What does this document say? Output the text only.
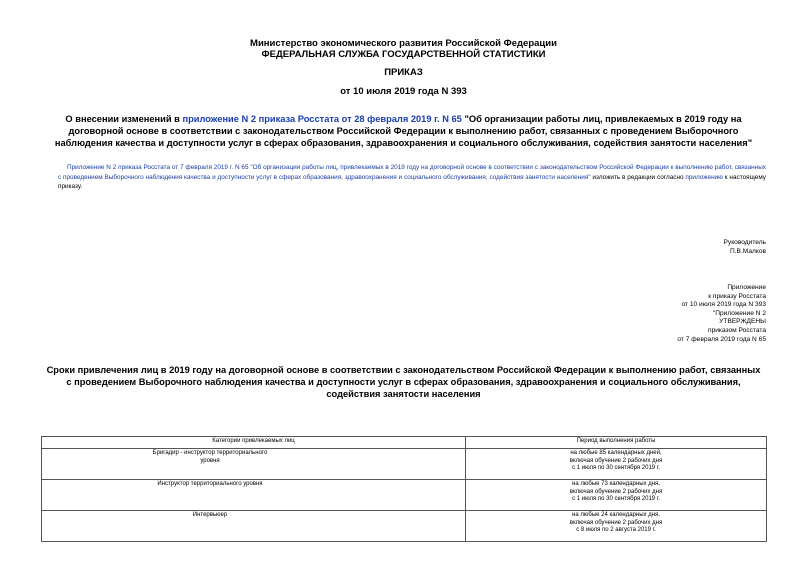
Министерство экономического развития Российской Федерации
ФЕДЕРАЛЬНАЯ СЛУЖБА ГОСУДАРСТВЕННОЙ СТАТИСТИКИ
ПРИКАЗ
от 10 июля 2019 года N 393
О внесении изменений в приложение N 2 приказа Росстата от 28 февраля 2019 г. N 65 "Об организации работы лиц, привлекаемых в 2019 году на договорной основе в соответствии с законодательством Российской Федерации к выполнению работ, связанных с проведением Выборочного наблюдения качества и доступности услуг в сферах образования, здравоохранения и социального обслуживания, содействия занятости населения"
Приложение N 2 приказа Росстата от 7 февраля 2019 г. N 65 "Об организации работы лиц, привлекаемых в 2019 году на договорной основе в соответствии с законодательством Российской Федерации к выполнению работ, связанных с проведением Выборочного наблюдения качества и доступности услуг в сферах образования, здравоохранения и социального обслуживания, содействия занятости населения" изложить в редакции согласно приложению к настоящему приказу.
Руководитель
П.В.Малков
Приложение
к приказу Росстата
от 10 июля 2019 года N 393
"Приложение N 2
УТВЕРЖДЕНЫ
приказом Росстата
от 7 февраля 2019 года N 65
Сроки привлечения лиц в 2019 году на договорной основе в соответствии с законодательством Российской Федерации к выполнению работ, связанных с проведением Выборочного наблюдения качества и доступности услуг в сферах образования, здравоохранения и социального обслуживания, содействия занятости населения
Категории привлекаемых лиц	Период выполнения работы

Бригадир - инструктор территориального уровня	на любые 85 календарных дней,
включая обучение 2 рабочих дня
с 1 июля по 30 сентября 2019 г.

Инструктор территориального уровня	на любые 73 календарных дня,
включая обучение 2 рабочих дня
с 1 июля по 30 сентября 2019 г.

Интервьюер	на любые 24 календарных дня,
включая обучение 2 рабочих дня
с 8 июля по 2 августа 2019 г.
